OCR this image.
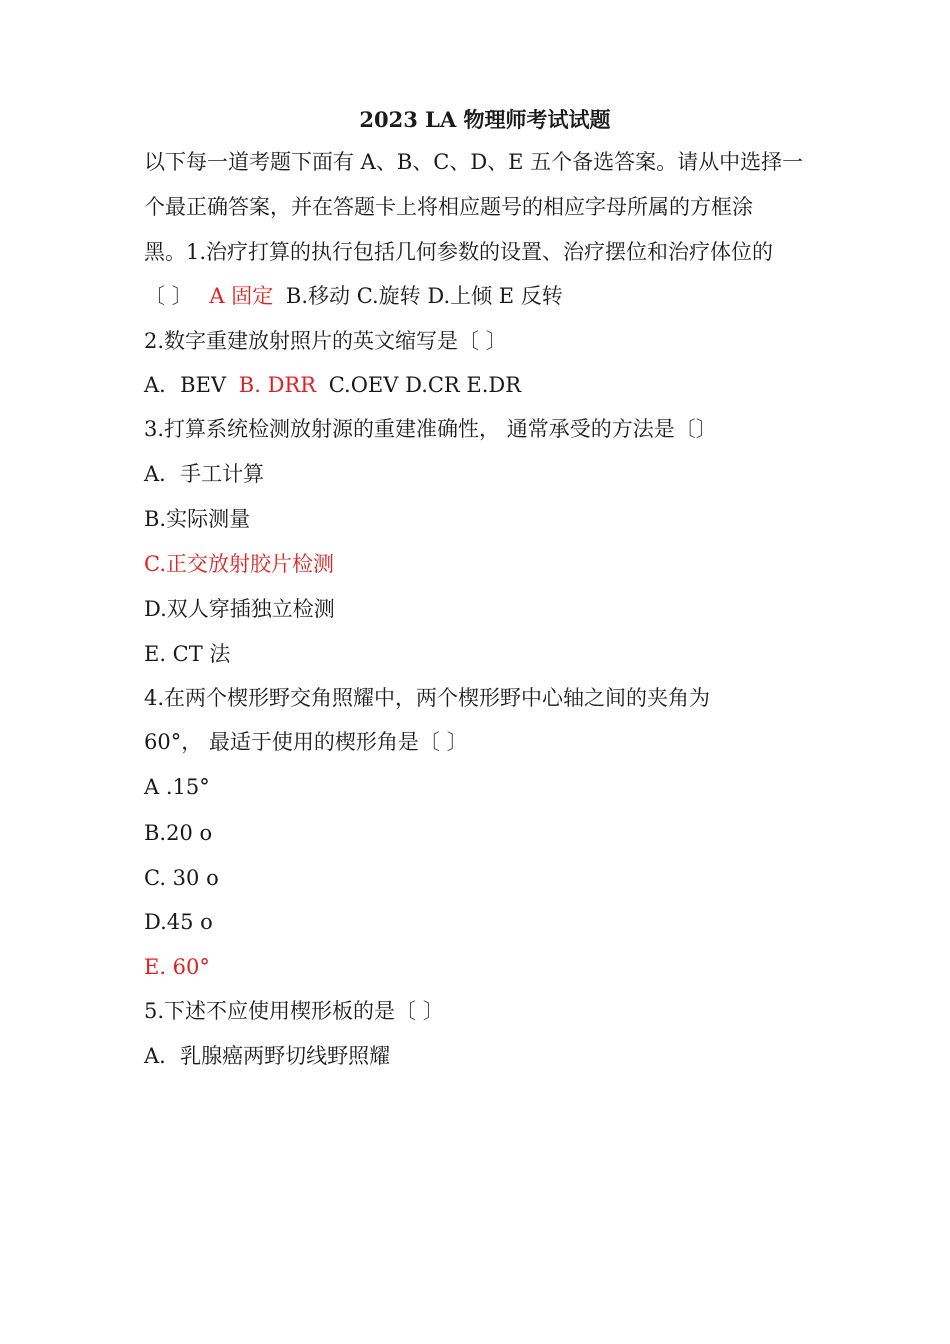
2023 LA 物理师考试试题
以下每一道考题下面有 A、B、C、D、E 五个备选答案。请从中选择一
个最正确答案，并在答题卡上将相应题号的相应字母所属的方框涂
黑。1.治疗打算的执行包括几何参数的设置、治疗摆位和治疗体位的
〔 〕 A 固定 B.移动 C.旋转 D.上倾 E 反转
2.数字重建放射照片的英文缩写是〔 〕
A．BEV B. DRR C.OEV D.CR E.DR
3.打算系统检测放射源的重建准确性， 通常承受的方法是〔〕
A．手工计算
B.实际测量
C.正交放射胶片检测
D.双人穿插独立检测
E. CT 法
4.在两个楔形野交角照耀中，两个楔形野中心轴之间的夹角为
60°， 最适于使用的楔形角是〔 〕
A .15°
B.20 o
C. 30 o
D.45 o
E. 60°
5.下述不应使用楔形板的是〔 〕
A．乳腺癌两野切线野照耀
